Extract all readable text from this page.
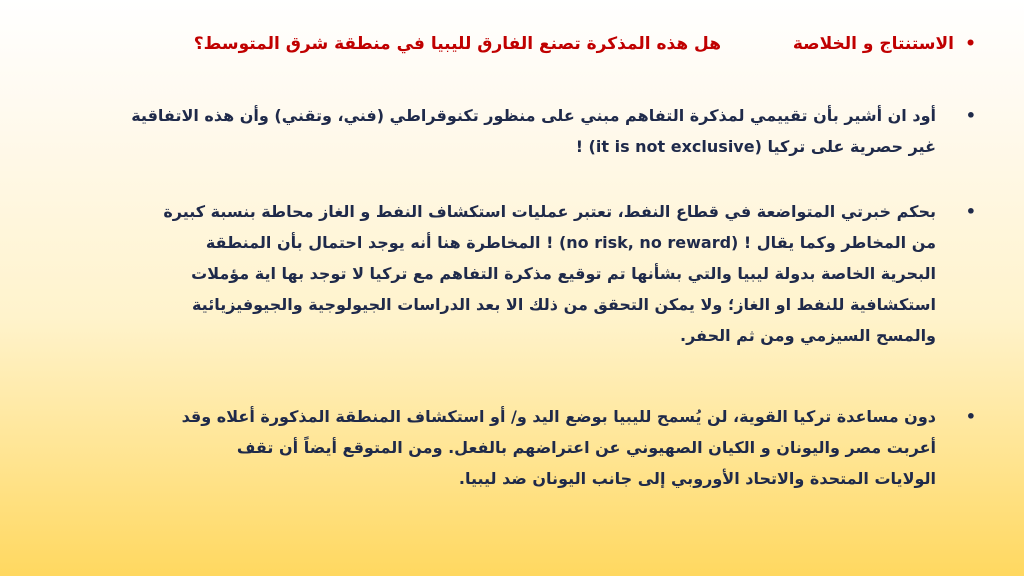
•
الاستنتاج و الخلاصة
هل هذه المذكرة تصنع الفارق لليبيا في منطقة شرق المتوسط؟
•
أود ان أشير بأن تقييمي لمذكرة التفاهم مبني على منظور تكنوقراطي (فني، وتقني) وأن هذه الاتفاقية
غير حصرية على تركيا (it is not exclusive) !
•
بحكم خبرتي المتواضعة في قطاع النفط، تعتبر عمليات استكشاف النفط و الغاز محاطة بنسبة كبيرة
من المخاطر وكما يقال ! (no risk, no reward) ! المخاطرة هنا أنه يوجد احتمال بأن المنطقة
البحرية الخاصة بدولة ليبيا والتي بشأنها تم توقيع مذكرة التفاهم مع تركيا لا توجد بها اية مؤملات
استكشافية للنفط او الغاز؛ ولا يمكن التحقق من ذلك الا بعد الدراسات الجيولوجية والجيوفيزيائية
والمسح السيزمي ومن ثم الحفر.
•
دون مساعدة تركيا القوية، لن يُسمح لليبيا بوضع اليد و/ أو استكشاف المنطقة المذكورة أعلاه وقد
أعربت مصر واليونان و الكيان الصهيوني عن اعتراضهم بالفعل. ومن المتوقع أيضاً أن تقف
الولايات المتحدة والاتحاد الأوروبي إلى جانب اليونان ضد ليبيا.
